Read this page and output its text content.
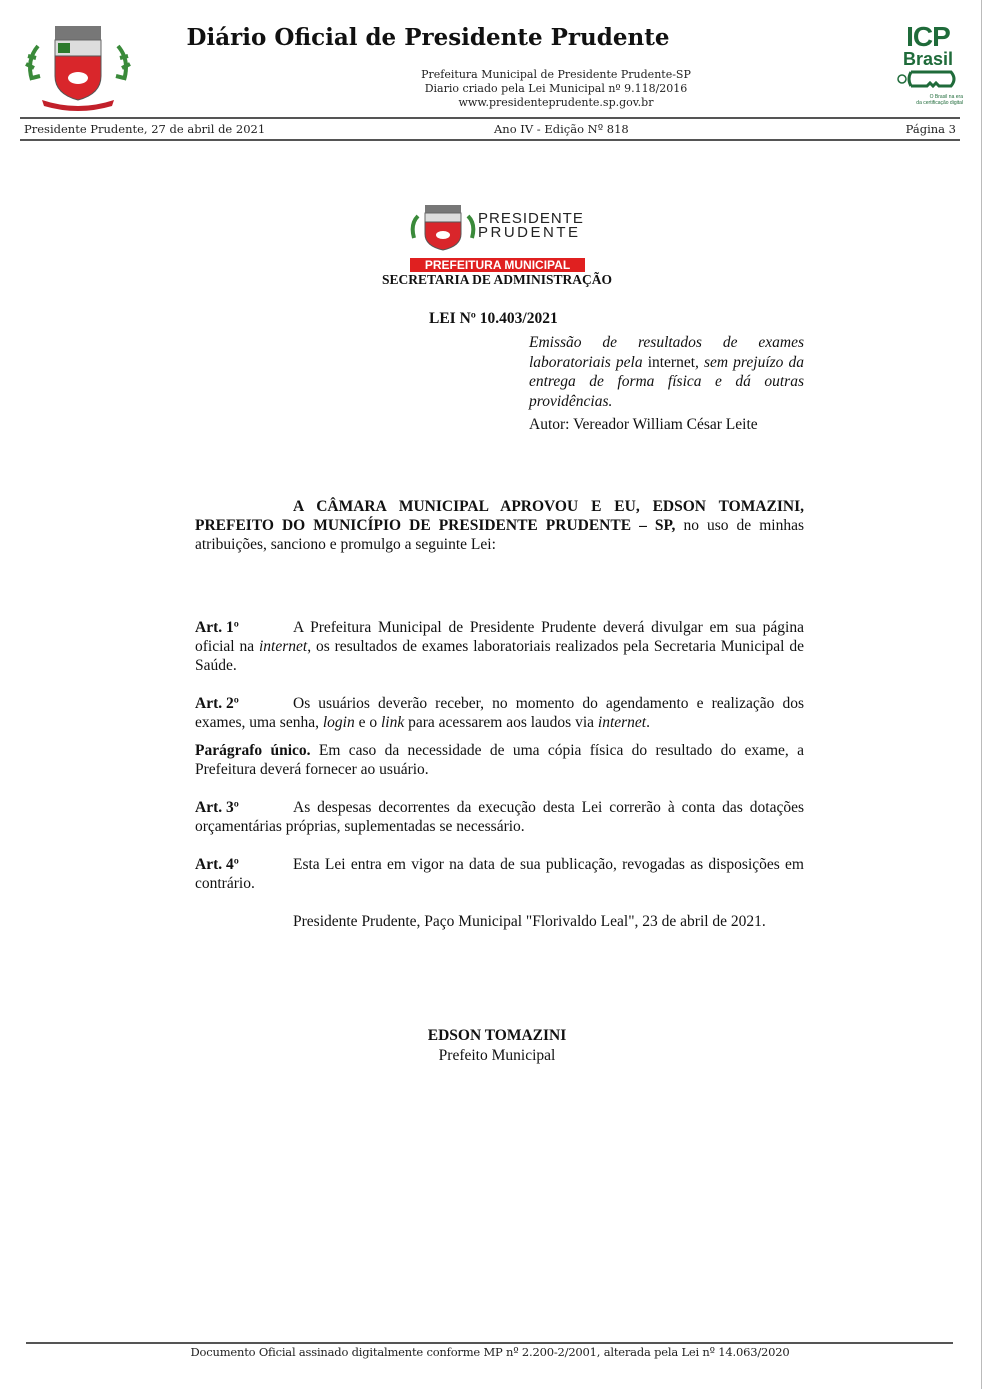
Diário Oficial de Presidente Prudente
Prefeitura Municipal de Presidente Prudente-SP
Diario criado pela Lei Municipal nº 9.118/2016
www.presidenteprudente.sp.gov.br
ICP
Brasil
O Brasil na era
da certificação digital
Presidente Prudente, 27 de abril de 2021	Ano IV - Edição Nº 818	Página 3
PRESIDENTE
PRUDENTE
PREFEITURA MUNICIPAL
SECRETARIA DE ADMINISTRAÇÃO
LEI Nº 10.403/2021
Emissão de resultados de exames laboratoriais pela internet, sem prejuízo da entrega de forma física e dá outras providências.
Autor: Vereador William César Leite
A CÂMARA MUNICIPAL APROVOU E EU, EDSON TOMAZINI, PREFEITO DO MUNICÍPIO DE PRESIDENTE PRUDENTE – SP, no uso de minhas atribuições, sanciono e promulgo a seguinte Lei:
Art. 1º	A Prefeitura Municipal de Presidente Prudente deverá divulgar em sua página oficial na internet, os resultados de exames laboratoriais realizados pela Secretaria Municipal de Saúde.
Art. 2º	Os usuários deverão receber, no momento do agendamento e realização dos exames, uma senha, login e o link para acessarem aos laudos via internet.
Parágrafo único. Em caso da necessidade de uma cópia física do resultado do exame, a Prefeitura deverá fornecer ao usuário.
Art. 3º	As despesas decorrentes da execução desta Lei correrão à conta das dotações orçamentárias próprias, suplementadas se necessário.
Art. 4º	Esta Lei entra em vigor na data de sua publicação, revogadas as disposições em contrário.
Presidente Prudente, Paço Municipal "Florivaldo Leal", 23 de abril de 2021.
EDSON TOMAZINI
Prefeito Municipal
Documento Oficial assinado digitalmente conforme MP nº 2.200-2/2001, alterada pela Lei nº 14.063/2020
